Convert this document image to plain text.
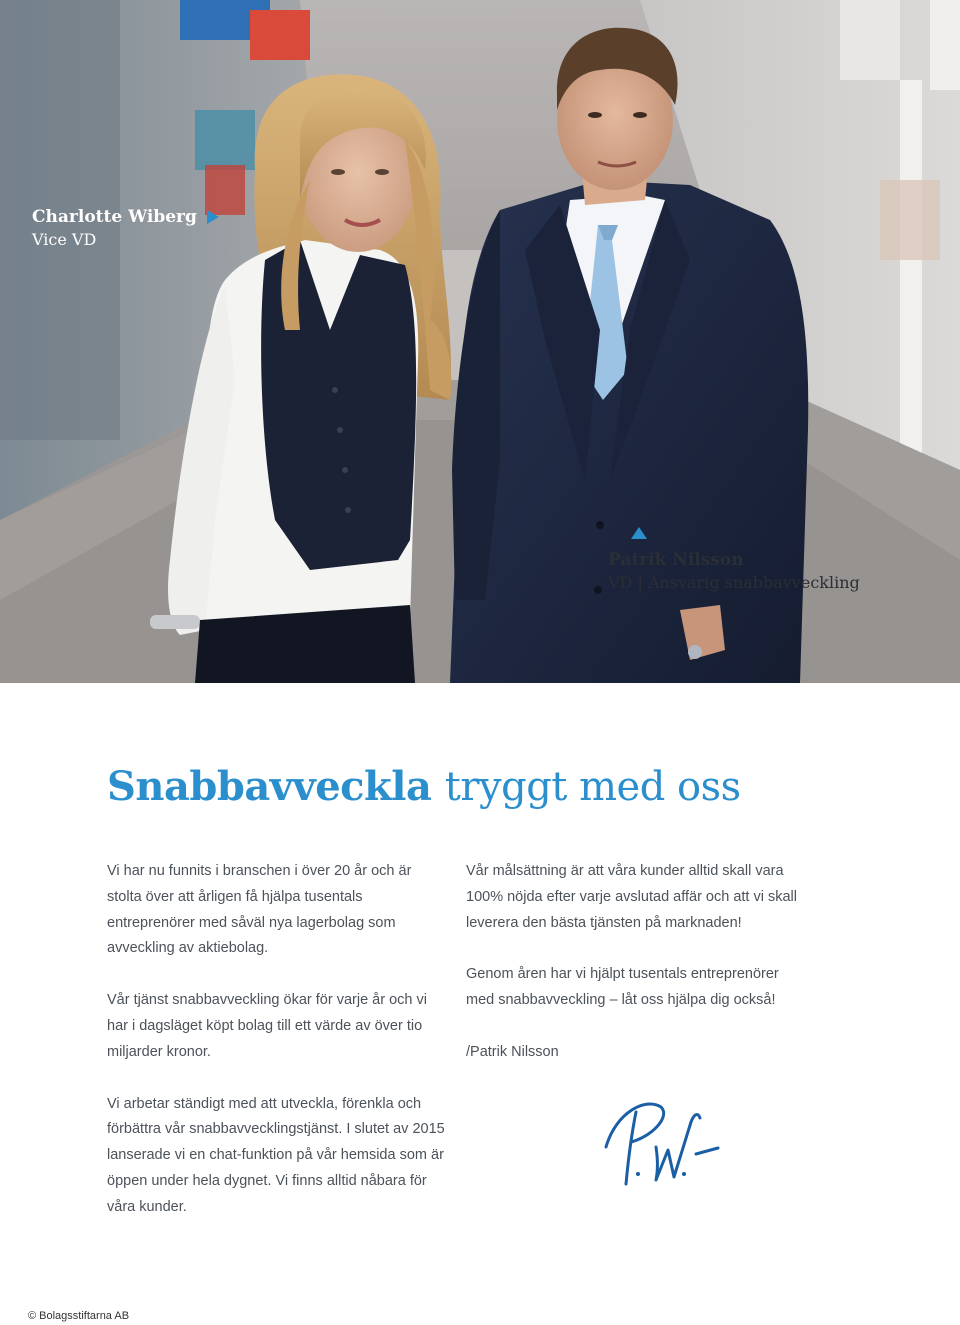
Charlotte Wiberg
Vice VD
Patrik Nilsson
VD | Ansvarig snabbavveckling
Snabbavveckla tryggt med oss

Vi har nu funnits i branschen i över 20 år och är stolta över att årligen få hjälpa tusentals entreprenörer med såväl nya lagerbolag som avveckling av aktiebolag.

Vår tjänst snabbavveckling ökar för varje år och vi har i dagsläget köpt bolag till ett värde av över tio miljarder kronor.

Vi arbetar ständigt med att utveckla, förenkla och förbättra vår snabbavvecklingstjänst. I slutet av 2015 lanserade vi en chat-funktion på vår hemsida som är öppen under hela dygnet. Vi finns alltid nåbara för våra kunder.

Vår målsättning är att våra kunder alltid skall vara 100% nöjda efter varje avslutad affär och att vi skall leverera den bästa tjänsten på marknaden!

Genom åren har vi hjälpt tusentals entreprenörer med snabbavveckling – låt oss hjälpa dig också!

/Patrik Nilsson

© Bolagsstiftarna AB
